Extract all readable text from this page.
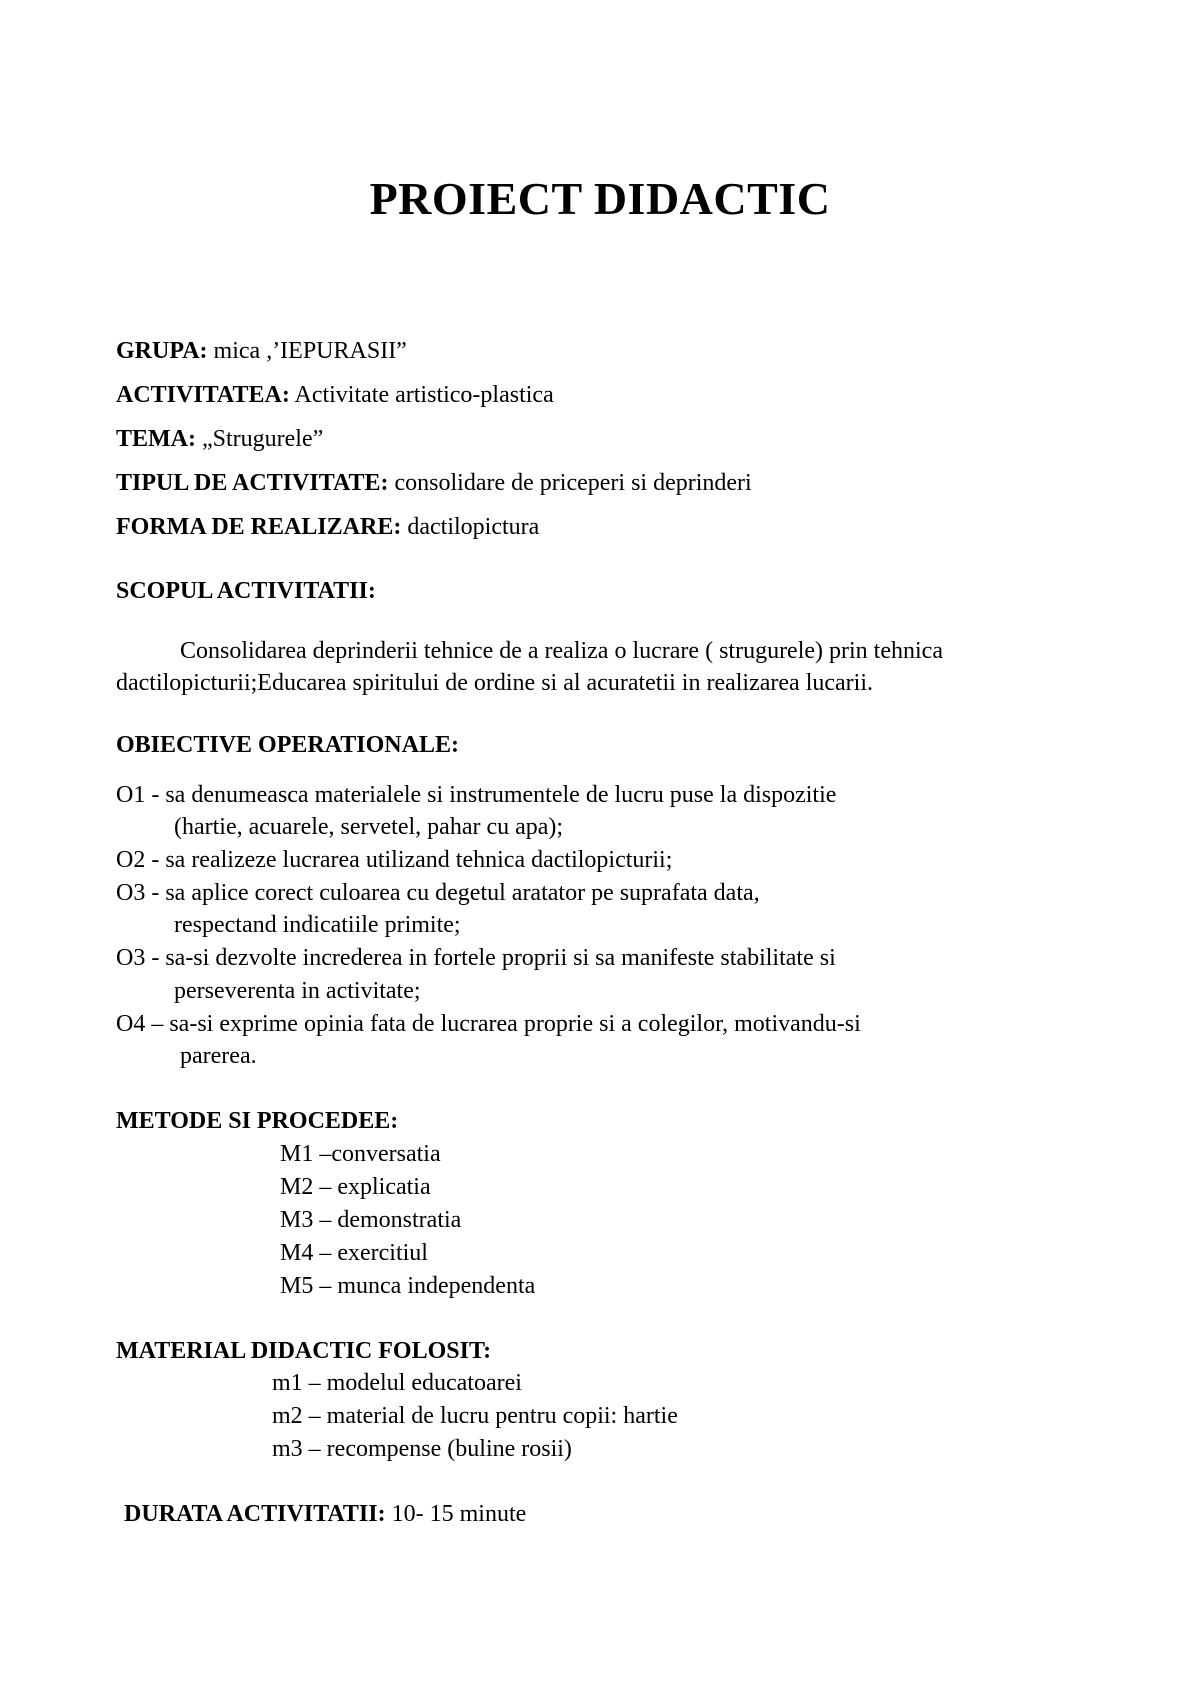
PROIECT DIDACTIC
GRUPA: mica ,’IEPURASII”
ACTIVITATEA: Activitate artistico-plastica
TEMA: „Strugurele”
TIPUL DE ACTIVITATE: consolidare de priceperi si deprinderi
FORMA DE REALIZARE: dactilopictura
SCOPUL ACTIVITATII:
Consolidarea deprinderii tehnice de a realiza o lucrare ( strugurele) prin tehnica
dactilopicturii;Educarea spiritului de ordine si al acuratetii in realizarea lucarii.
OBIECTIVE OPERATIONALE:
O1 - sa denumeasca materialele si instrumentele de lucru puse la dispozitie
(hartie, acuarele, servetel, pahar cu apa);
O2 - sa realizeze lucrarea utilizand tehnica dactilopicturii;
O3 - sa aplice corect culoarea cu degetul aratator pe suprafata data,
respectand indicatiile primite;
O3 - sa-si dezvolte increderea in fortele proprii si sa manifeste stabilitate si
perseverenta in activitate;
O4 – sa-si exprime opinia fata de lucrarea proprie si a colegilor, motivandu-si
parerea.
METODE SI PROCEDEE:
M1 –conversatia
M2 – explicatia
M3 – demonstratia
M4 – exercitiul
M5 – munca independenta
MATERIAL DIDACTIC FOLOSIT:
m1 – modelul educatoarei
m2 – material de lucru pentru copii: hartie
m3 – recompense (buline rosii)
DURATA ACTIVITATII: 10- 15 minute
